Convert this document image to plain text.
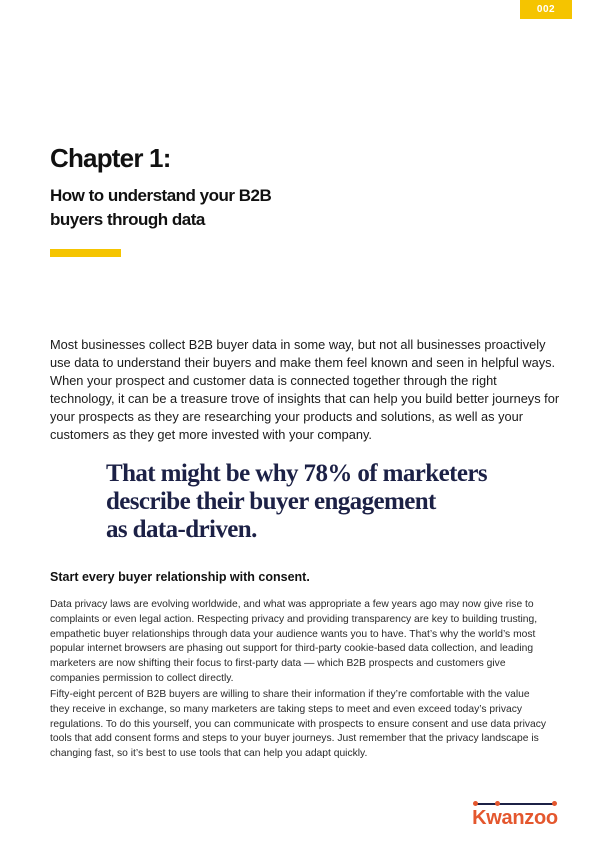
002
Chapter 1:
How to understand your B2B
buyers through data

Most businesses collect B2B buyer data in some way, but not all businesses proactively use data to understand their buyers and make them feel known and seen in helpful ways. When your prospect and customer data is connected together through the right technology, it can be a treasure trove of insights that can help you build better journeys for your prospects as they are researching your products and solutions, as well as your customers as they get more invested with your company.

That might be why 78% of marketers
describe their buyer engagement
as data-driven.

Start every buyer relationship with consent.

Data privacy laws are evolving worldwide, and what was appropriate a few years ago may now give rise to complaints or even legal action. Respecting privacy and providing transparency are key to building trusting, empathetic buyer relationships through data your audience wants you to have. That’s why the world’s most popular internet browsers are phasing out support for third-party cookie-based data collection, and leading marketers are now shifting their focus to first-party data — which B2B prospects and customers give companies permission to collect directly.

Fifty-eight percent of B2B buyers are willing to share their information if they’re comfortable with the value they receive in exchange, so many marketers are taking steps to meet and even exceed today’s privacy regulations. To do this yourself, you can communicate with prospects to ensure consent and use data privacy tools that add consent forms and steps to your buyer journeys. Just remember that the privacy landscape is changing fast, so it’s best to use tools that can help you adapt quickly.

Kwanzoo
